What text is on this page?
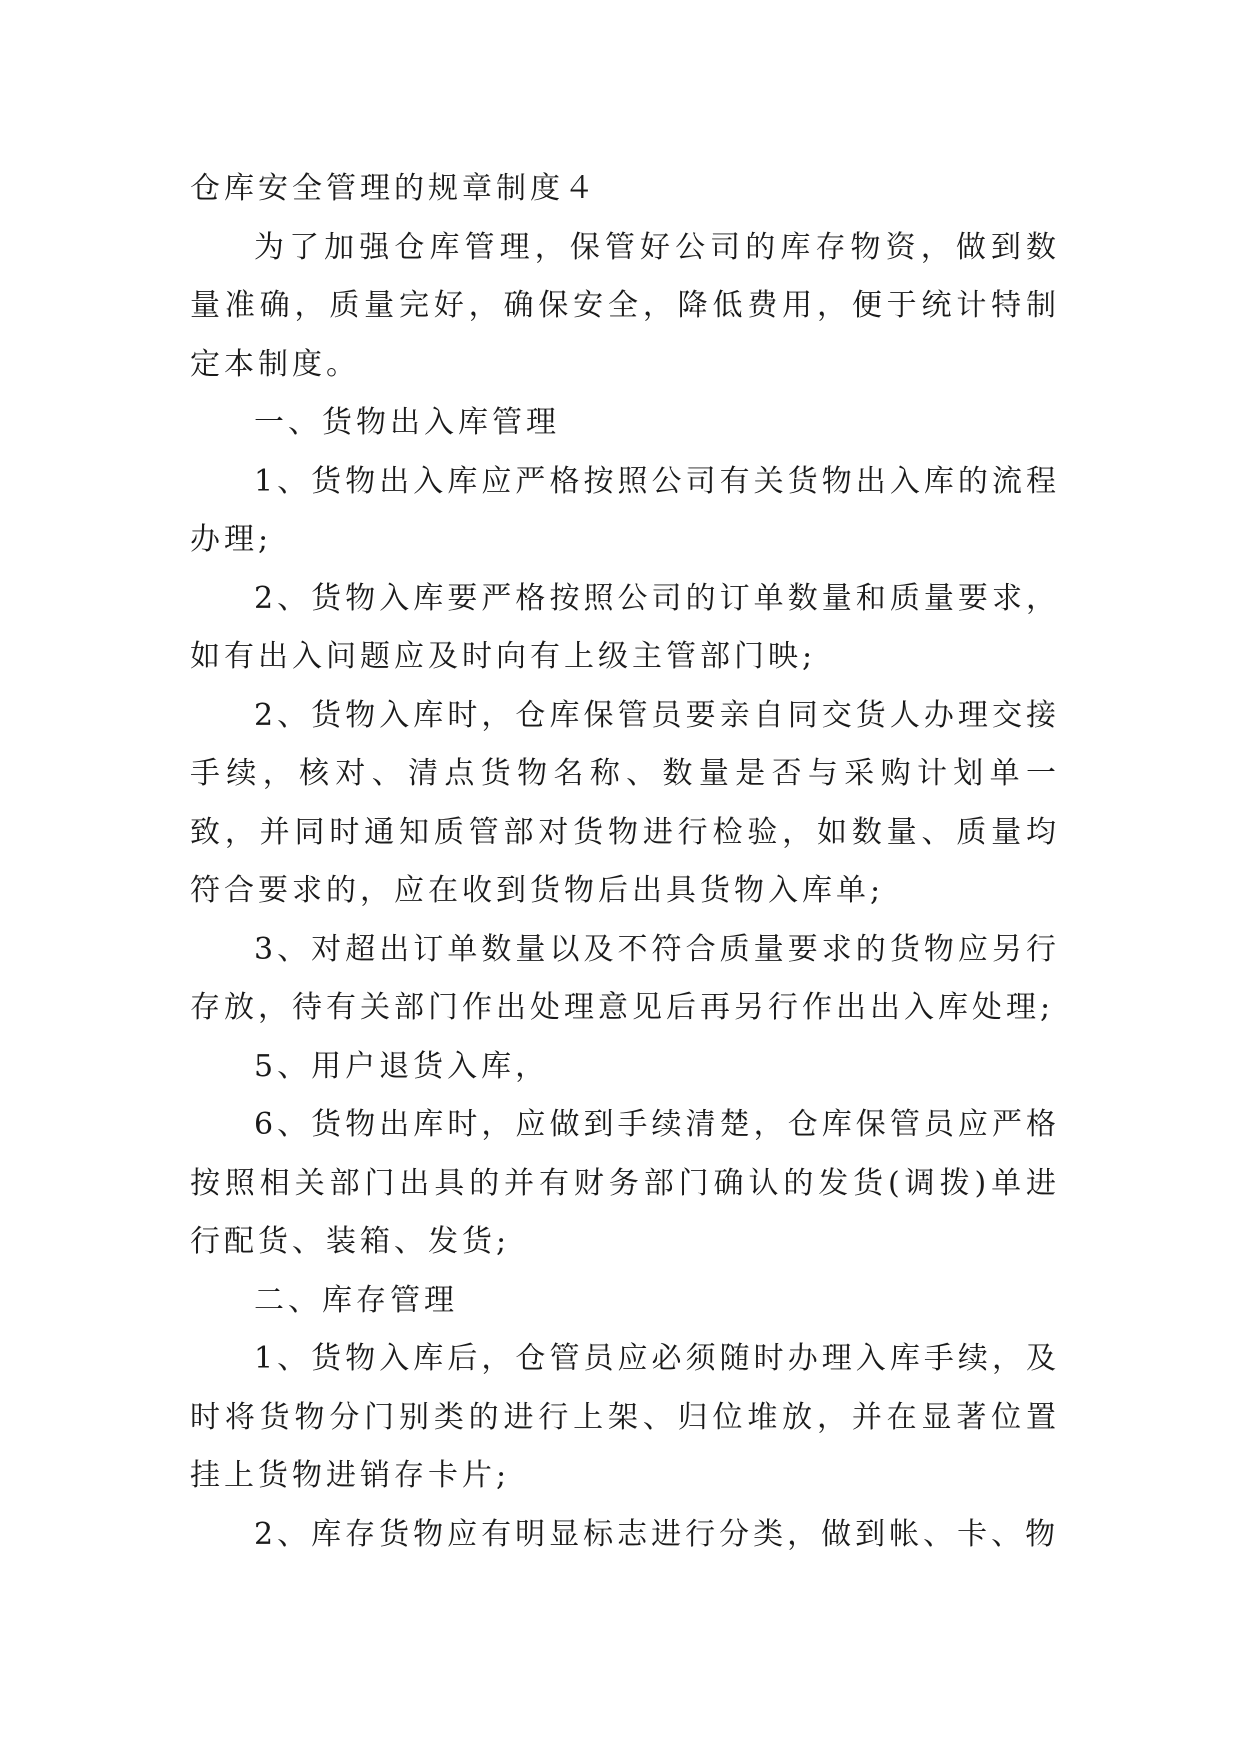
仓库安全管理的规章制度４

为了加强仓库管理，保管好公司的库存物资，做到数量准确，质量完好，确保安全，降低费用，便于统计特制定本制度。

一、货物出入库管理

1、货物出入库应严格按照公司有关货物出入库的流程办理;

2、货物入库要严格按照公司的订单数量和质量要求，如有出入问题应及时向有上级主管部门映;

2、货物入库时，仓库保管员要亲自同交货人办理交接手续，核对、清点货物名称、数量是否与采购计划单一致，并同时通知质管部对货物进行检验，如数量、质量均符合要求的，应在收到货物后出具货物入库单;

3、对超出订单数量以及不符合质量要求的货物应另行存放，待有关部门作出处理意见后再另行作出出入库处理;

5、用户退货入库，

6、货物出库时，应做到手续清楚，仓库保管员应严格按照相关部门出具的并有财务部门确认的发货(调拨)单进行配货、装箱、发货;

二、库存管理

1、货物入库后，仓管员应必须随时办理入库手续，及时将货物分门别类的进行上架、归位堆放，并在显著位置挂上货物进销存卡片;

2、库存货物应有明显标志进行分类，做到帐、卡、物
